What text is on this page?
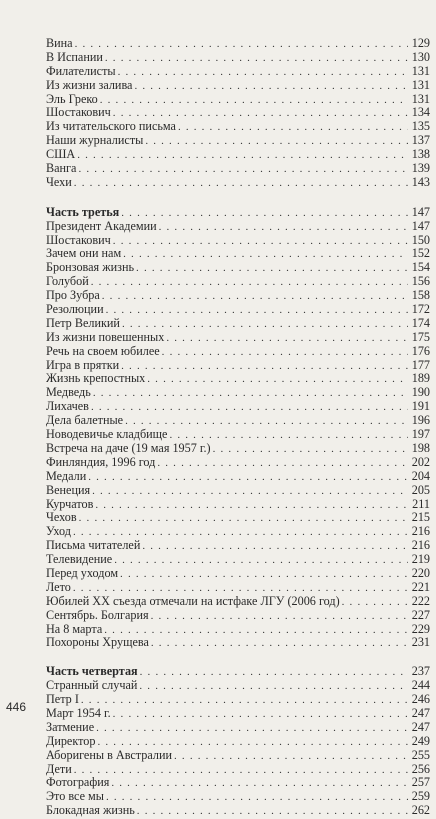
Вина . . .	129
В Испании . . .	130
Филателисты . . .	131
Из жизни залива . . .	131
Эль Греко . . .	131
Шостакович . . .	134
Из читательского письма . . .	135
Наши журналисты . . .	137
США . . .	138
Ванга . . .	139
Чехи . . .	143
Часть третья . . .	147
Президент Академии . . .	147
Шостакович . . .	150
Зачем они нам . . .	152
Бронзовая жизнь . . .	154
Голубой . . .	156
Про Зубра . . .	158
Резолюции . . .	172
Петр Великий . . .	174
Из жизни повешенных . . .	175
Речь на своем юбилее . . .	176
Игра в прятки . . .	177
Жизнь крепостных . . .	189
Медведь . . .	190
Лихачев . . .	191
Дела балетные . . .	196
Новодевичье кладбище . . .	197
Встреча на даче (19 мая 1957 г.) . . .	198
Финляндия, 1996 год . . .	202
Медали . . .	204
Венеция . . .	205
Курчатов . . .	211
Чехов . . .	215
Уход . . .	216
Письма читателей . . .	216
Телевидение . . .	219
Перед уходом . . .	220
Лето . . .	221
Юбилей XX съезда отмечали на истфаке ЛГУ (2006 год) . . .	222
Сентябрь. Болгария . . .	227
На 8 марта . . .	229
Похороны Хрущева . . .	231
Часть четвертая . . .	237
Странный случай . . .	244
Петр I . . .	246
Март 1954 г. . . .	247
Затмение . . .	247
Директор . . .	249
Аборигены в Австралии . . .	255
Дети . . .	256
Фотография . . .	257
Это все мы . . .	259
Блокадная жизнь . . .	262
446
